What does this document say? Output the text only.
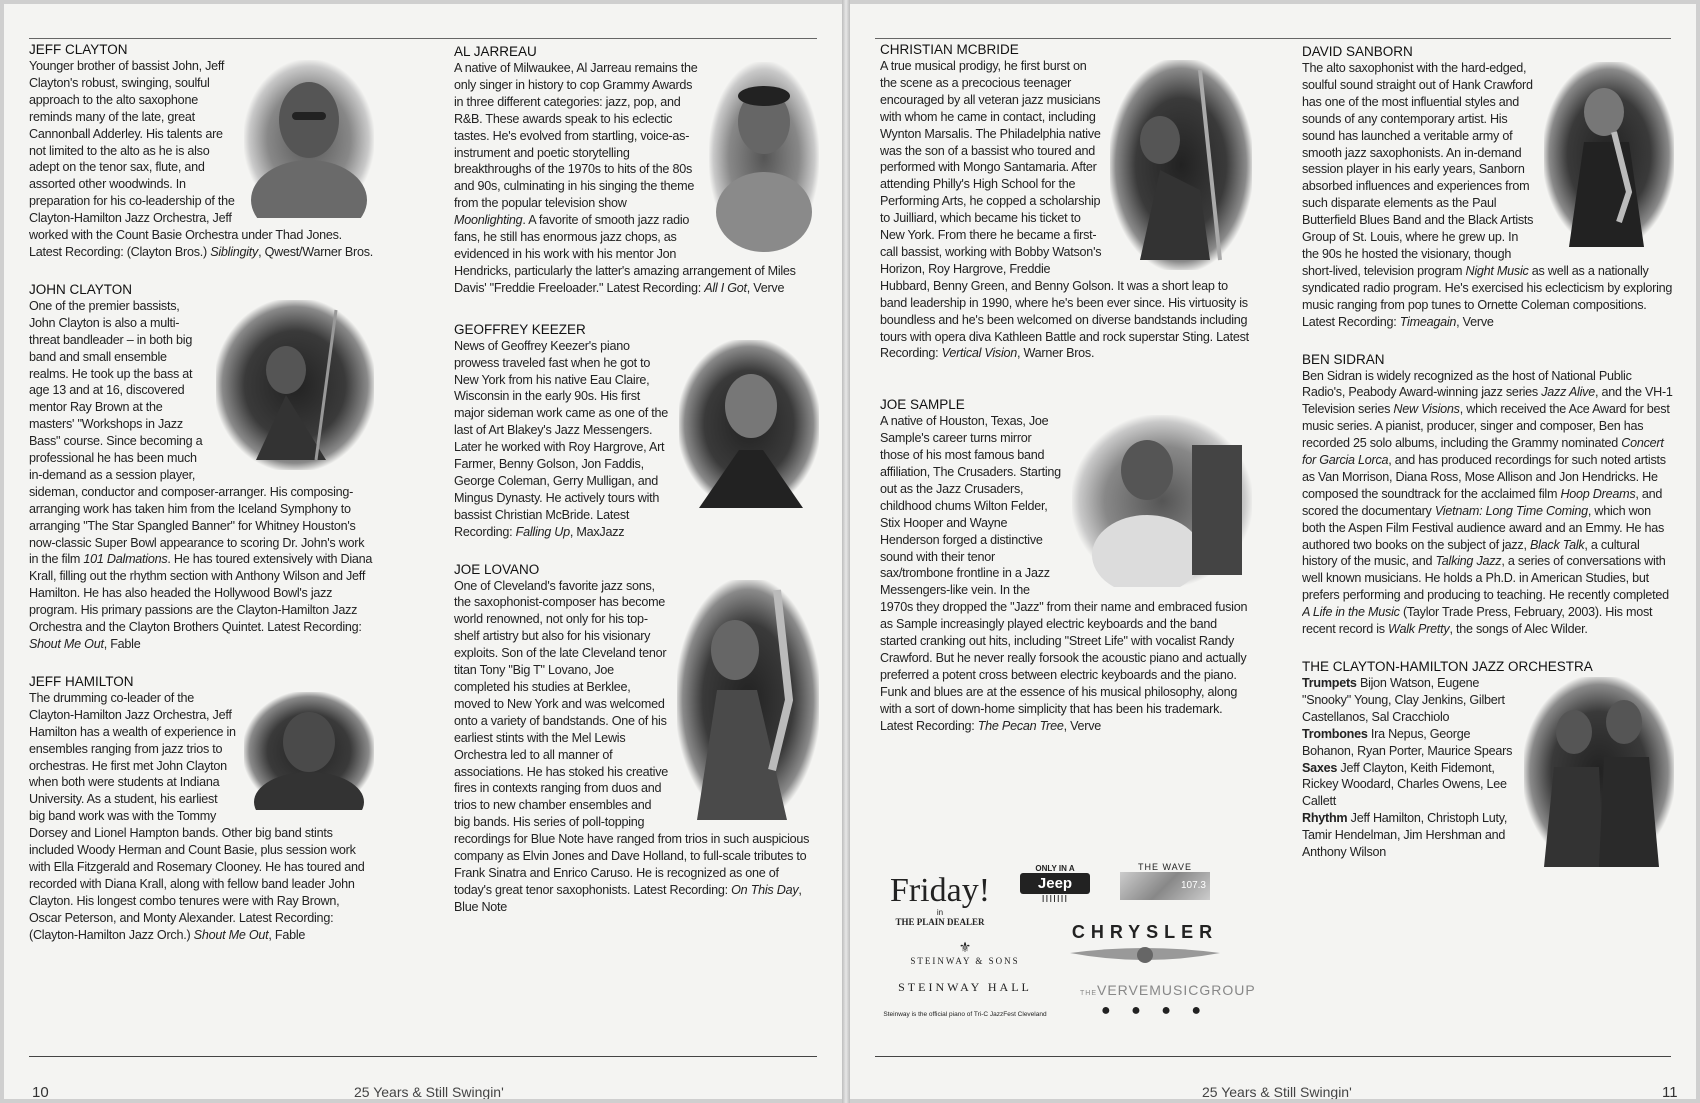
JEFF CLAYTON

Younger brother of bassist John, Jeff Clayton's robust, swinging, soulful approach to the alto saxophone reminds many of the late, great Cannonball Adderley. His talents are not limited to the alto as he is also adept on the tenor sax, flute, and assorted other woodwinds. In preparation for his co-leadership of the Clayton-Hamilton Jazz Orchestra, Jeff worked with the Count Basie Orchestra under Thad Jones. Latest Recording: (Clayton Bros.) Siblingity, Qwest/Warner Bros.

JOHN CLAYTON

One of the premier bassists, John Clayton is also a multi-threat bandleader – in both big band and small ensemble realms. He took up the bass at age 13 and at 16, discovered mentor Ray Brown at the masters' "Workshops in Jazz Bass" course. Since becoming a professional he has been much in-demand as a session player, sideman, conductor and composer-arranger. His composing-arranging work has taken him from the Iceland Symphony to arranging "The Star Spangled Banner" for Whitney Houston's now-classic Super Bowl appearance to scoring Dr. John's work in the film 101 Dalmations. He has toured extensively with Diana Krall, filling out the rhythm section with Anthony Wilson and Jeff Hamilton. He has also headed the Hollywood Bowl's jazz program. His primary passions are the Clayton-Hamilton Jazz Orchestra and the Clayton Brothers Quintet. Latest Recording: Shout Me Out, Fable

JEFF HAMILTON

The drumming co-leader of the Clayton-Hamilton Jazz Orchestra, Jeff Hamilton has a wealth of experience in ensembles ranging from jazz trios to orchestras. He first met John Clayton when both were students at Indiana University. As a student, his earliest big band work was with the Tommy Dorsey and Lionel Hampton bands. Other big band stints included Woody Herman and Count Basie, plus session work with Ella Fitzgerald and Rosemary Clooney. He has toured and recorded with Diana Krall, along with fellow band leader John Clayton. His longest combo tenures were with Ray Brown, Oscar Peterson, and Monty Alexander. Latest Recording: (Clayton-Hamilton Jazz Orch.) Shout Me Out, Fable

AL JARREAU

A native of Milwaukee, Al Jarreau remains the only singer in history to cop Grammy Awards in three different categories: jazz, pop, and R&B. These awards speak to his eclectic tastes. He's evolved from startling, voice-as-instrument and poetic storytelling breakthroughs of the 1970s to hits of the 80s and 90s, culminating in his singing the theme from the popular television show Moonlighting. A favorite of smooth jazz radio fans, he still has enormous jazz chops, as evidenced in his work with his mentor Jon Hendricks, particularly the latter's amazing arrangement of Miles Davis' "Freddie Freeloader." Latest Recording: All I Got, Verve

GEOFFREY KEEZER

News of Geoffrey Keezer's piano prowess traveled fast when he got to New York from his native Eau Claire, Wisconsin in the early 90s. His first major sideman work came as one of the last of Art Blakey's Jazz Messengers. Later he worked with Roy Hargrove, Art Farmer, Benny Golson, Jon Faddis, George Coleman, Gerry Mulligan, and Mingus Dynasty. He actively tours with bassist Christian McBride. Latest Recording: Falling Up, MaxJazz

JOE LOVANO

One of Cleveland's favorite jazz sons, the saxophonist-composer has become world renowned, not only for his top-shelf artistry but also for his visionary exploits. Son of the late Cleveland tenor titan Tony "Big T" Lovano, Joe completed his studies at Berklee, moved to New York and was welcomed onto a variety of bandstands. One of his earliest stints with the Mel Lewis Orchestra led to all manner of associations. He has stoked his creative fires in contexts ranging from duos and trios to new chamber ensembles and big bands. His series of poll-topping recordings for Blue Note have ranged from trios in such auspicious company as Elvin Jones and Dave Holland, to full-scale tributes to Frank Sinatra and Enrico Caruso. He is recognized as one of today's great tenor saxophonists. Latest Recording: On This Day, Blue Note

10	25 Years & Still Swingin'
CHRISTIAN MCBRIDE

A true musical prodigy, he first burst on the scene as a precocious teenager encouraged by all veteran jazz musicians with whom he came in contact, including Wynton Marsalis. The Philadelphia native was the son of a bassist who toured and performed with Mongo Santamaria. After attending Philly's High School for the Performing Arts, he copped a scholarship to Juilliard, which became his ticket to New York. From there he became a first-call bassist, working with Bobby Watson's Horizon, Roy Hargrove, Freddie Hubbard, Benny Green, and Benny Golson. It was a short leap to band leadership in 1990, where he's been ever since. His virtuosity is boundless and he's been welcomed on diverse bandstands including tours with opera diva Kathleen Battle and rock superstar Sting. Latest Recording: Vertical Vision, Warner Bros.

JOE SAMPLE

A native of Houston, Texas, Joe Sample's career turns mirror those of his most famous band affiliation, The Crusaders. Starting out as the Jazz Crusaders, childhood chums Wilton Felder, Stix Hooper and Wayne Henderson forged a distinctive sound with their tenor sax/trombone frontline in a Jazz Messengers-like vein. In the 1970s they dropped the "Jazz" from their name and embraced fusion as Sample increasingly played electric keyboards and the band started cranking out hits, including "Street Life" with vocalist Randy Crawford. But he never really forsook the acoustic piano and actually preferred a potent cross between electric keyboards and the piano. Funk and blues are at the essence of his musical philosophy, along with a sort of down-home simplicity that has been his trademark. Latest Recording: The Pecan Tree, Verve

DAVID SANBORN

The alto saxophonist with the hard-edged, soulful sound straight out of Hank Crawford has one of the most influential styles and sounds of any contemporary artist. His sound has launched a veritable army of smooth jazz saxophonists. An in-demand session player in his early years, Sanborn absorbed influences and experiences from such disparate elements as the Paul Butterfield Blues Band and the Black Artists Group of St. Louis, where he grew up. In the 90s he hosted the visionary, though short-lived, television program Night Music as well as a nationally syndicated radio program. He's exercised his eclecticism by exploring music ranging from pop tunes to Ornette Coleman compositions. Latest Recording: Timeagain, Verve

BEN SIDRAN

Ben Sidran is widely recognized as the host of National Public Radio's, Peabody Award-winning jazz series Jazz Alive, and the VH-1 Television series New Visions, which received the Ace Award for best music series. A pianist, producer, singer and composer, Ben has recorded 25 solo albums, including the Grammy nominated Concert for Garcia Lorca, and has produced recordings for such noted artists as Van Morrison, Diana Ross, Mose Allison and Jon Hendricks. He composed the soundtrack for the acclaimed film Hoop Dreams, and scored the documentary Vietnam: Long Time Coming, which won both the Aspen Film Festival audience award and an Emmy. He has authored two books on the subject of jazz, Black Talk, a cultural history of the music, and Talking Jazz, a series of conversations with well known musicians. He holds a Ph.D. in American Studies, but prefers performing and producing to teaching. He recently completed A Life in the Music (Taylor Trade Press, February, 2003). His most recent record is Walk Pretty, the songs of Alec Wilder.

THE CLAYTON-HAMILTON JAZZ ORCHESTRA

Trumpets Bijon Watson, Eugene "Snooky" Young, Clay Jenkins, Gilbert Castellanos, Sal Cracchiolo

Trombones Ira Nepus, George Bohanon, Ryan Porter, Maurice Spears

Saxes Jeff Clayton, Keith Fidemont, Rickey Woodard, Charles Owens, Lee Callett

Rhythm Jeff Hamilton, Christoph Luty, Tamir Hendelman, Jim Hershman and Anthony Wilson

Friday!
in
THE PLAIN DEALER
ONLY IN A
Jeep
IIIIIII
THE WAVE
107.3
CHRYSLER
⚜
STEINWAY & SONS
STEINWAY HALL
Steinway is the official piano of Tri-C JazzFest Cleveland
THEVERVEMUSICGROUP
● ● ● ●
25 Years & Still Swingin'	11
